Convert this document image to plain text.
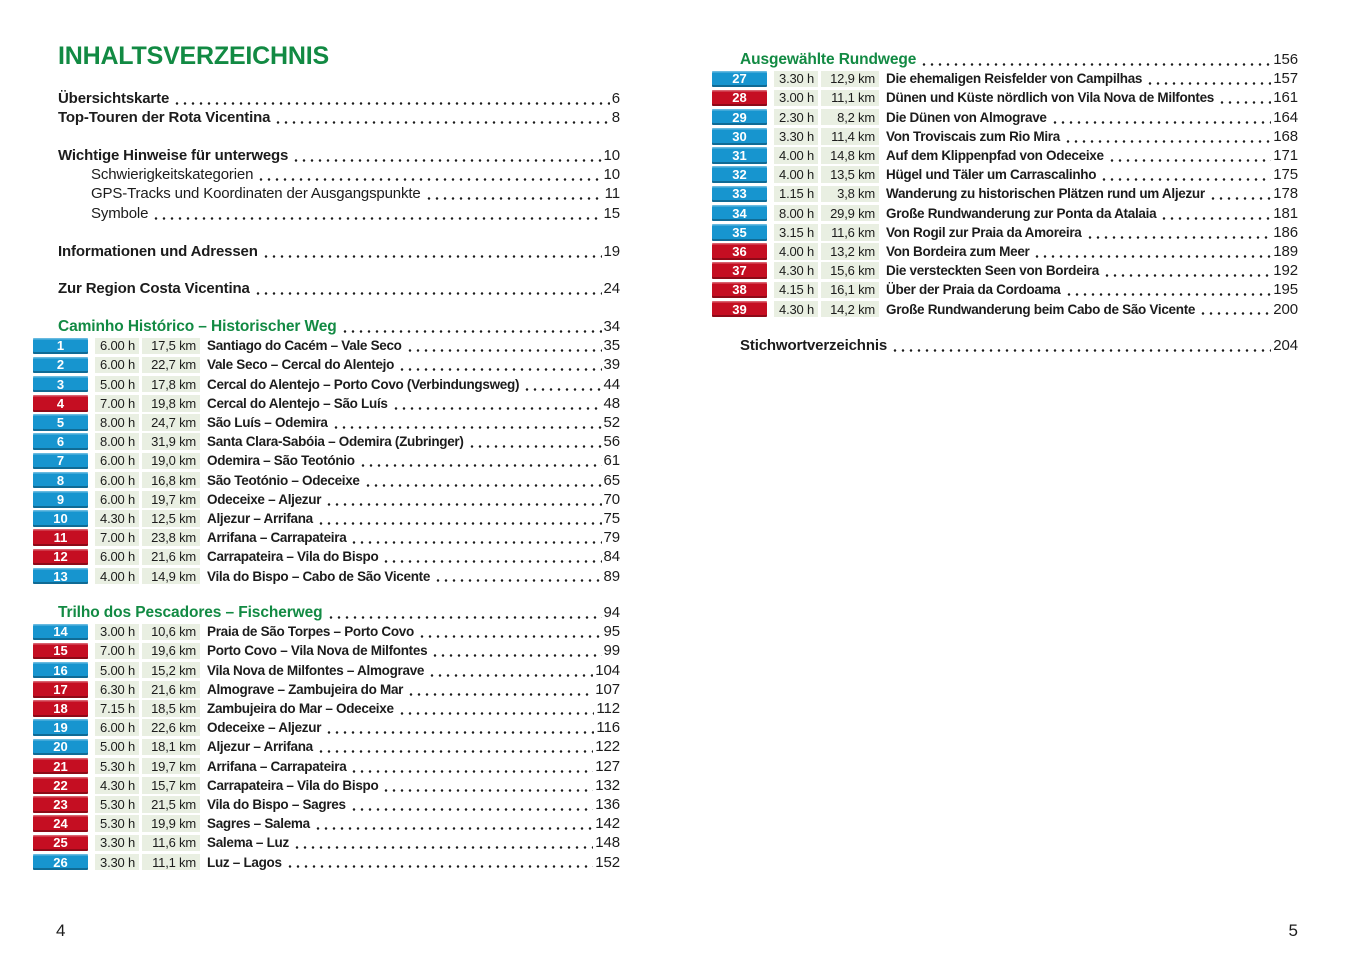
INHALTSVERZEICHNIS
Übersichtskarte	6
Top-Touren der Rota Vicentina	8
Wichtige Hinweise für unterwegs	10
Schwierigkeitskategorien	10
GPS-Tracks und Koordinaten der Ausgangspunkte	11
Symbole	15
Informationen und Adressen	19
Zur Region Costa Vicentina	24
Caminho Histórico – Historischer Weg	34
1	6.00 h	17,5 km Santiago do Cacém – Vale Seco	35
2	6.00 h	22,7 km Vale Seco – Cercal do Alentejo	39
3	5.00 h	17,8 km Cercal do Alentejo – Porto Covo (Verbindungsweg)	44
4	7.00 h	19,8 km Cercal do Alentejo – São Luís	48
5	8.00 h	24,7 km São Luís – Odemira	52
6	8.00 h	31,9 km Santa Clara-Sabóia – Odemira (Zubringer)	56
7	6.00 h	19,0 km Odemira – São Teotónio	61
8	6.00 h	16,8 km São Teotónio – Odeceixe	65
9	6.00 h	19,7 km Odeceixe – Aljezur	70
10	4.30 h	12,5 km Aljezur – Arrifana	75
11	7.00 h	23,8 km Arrifana – Carrapateira	79
12	6.00 h	21,6 km Carrapateira – Vila do Bispo	84
13	4.00 h	14,9 km Vila do Bispo – Cabo de São Vicente	89
Trilho dos Pescadores – Fischerweg	94
14	3.00 h	10,6 km Praia de São Torpes – Porto Covo	95
15	7.00 h	19,6 km Porto Covo – Vila Nova de Milfontes	99
16	5.00 h	15,2 km Vila Nova de Milfontes – Almograve	104
17	6.30 h	21,6 km Almograve – Zambujeira do Mar	107
18	7.15 h	18,5 km Zambujeira do Mar – Odeceixe	112
19	6.00 h	22,6 km Odeceixe – Aljezur	116
20	5.00 h	18,1 km Aljezur – Arrifana	122
21	5.30 h	19,7 km Arrifana – Carrapateira	127
22	4.30 h	15,7 km Carrapateira – Vila do Bispo	132
23	5.30 h	21,5 km Vila do Bispo – Sagres	136
24	5.30 h	19,9 km Sagres – Salema	142
25	3.30 h	11,6 km Salema – Luz	148
26	3.30 h	11,1 km Luz – Lagos	152
Ausgewählte Rundwege	156
27	3.30 h	12,9 km Die ehemaligen Reisfelder von Campilhas	157
28	3.00 h	11,1 km Dünen und Küste nördlich von Vila Nova de Milfontes	161
29	2.30 h	8,2 km Die Dünen von Almograve	164
30	3.30 h	11,4 km Von Troviscais zum Rio Mira	168
31	4.00 h	14,8 km Auf dem Klippenpfad von Odeceixe	171
32	4.00 h	13,5 km Hügel und Täler um Carrascalinho	175
33	1.15 h	3,8 km Wanderung zu historischen Plätzen rund um Aljezur	178
34	8.00 h	29,9 km Große Rundwanderung zur Ponta da Atalaia	181
35	3.15 h	11,6 km Von Rogil zur Praia da Amoreira	186
36	4.00 h	13,2 km Von Bordeira zum Meer	189
37	4.30 h	15,6 km Die versteckten Seen von Bordeira	192
38	4.15 h	16,1 km Über der Praia da Cordoama	195
39	4.30 h	14,2 km Große Rundwanderung beim Cabo de São Vicente	200
Stichwortverzeichnis	204
4	5
